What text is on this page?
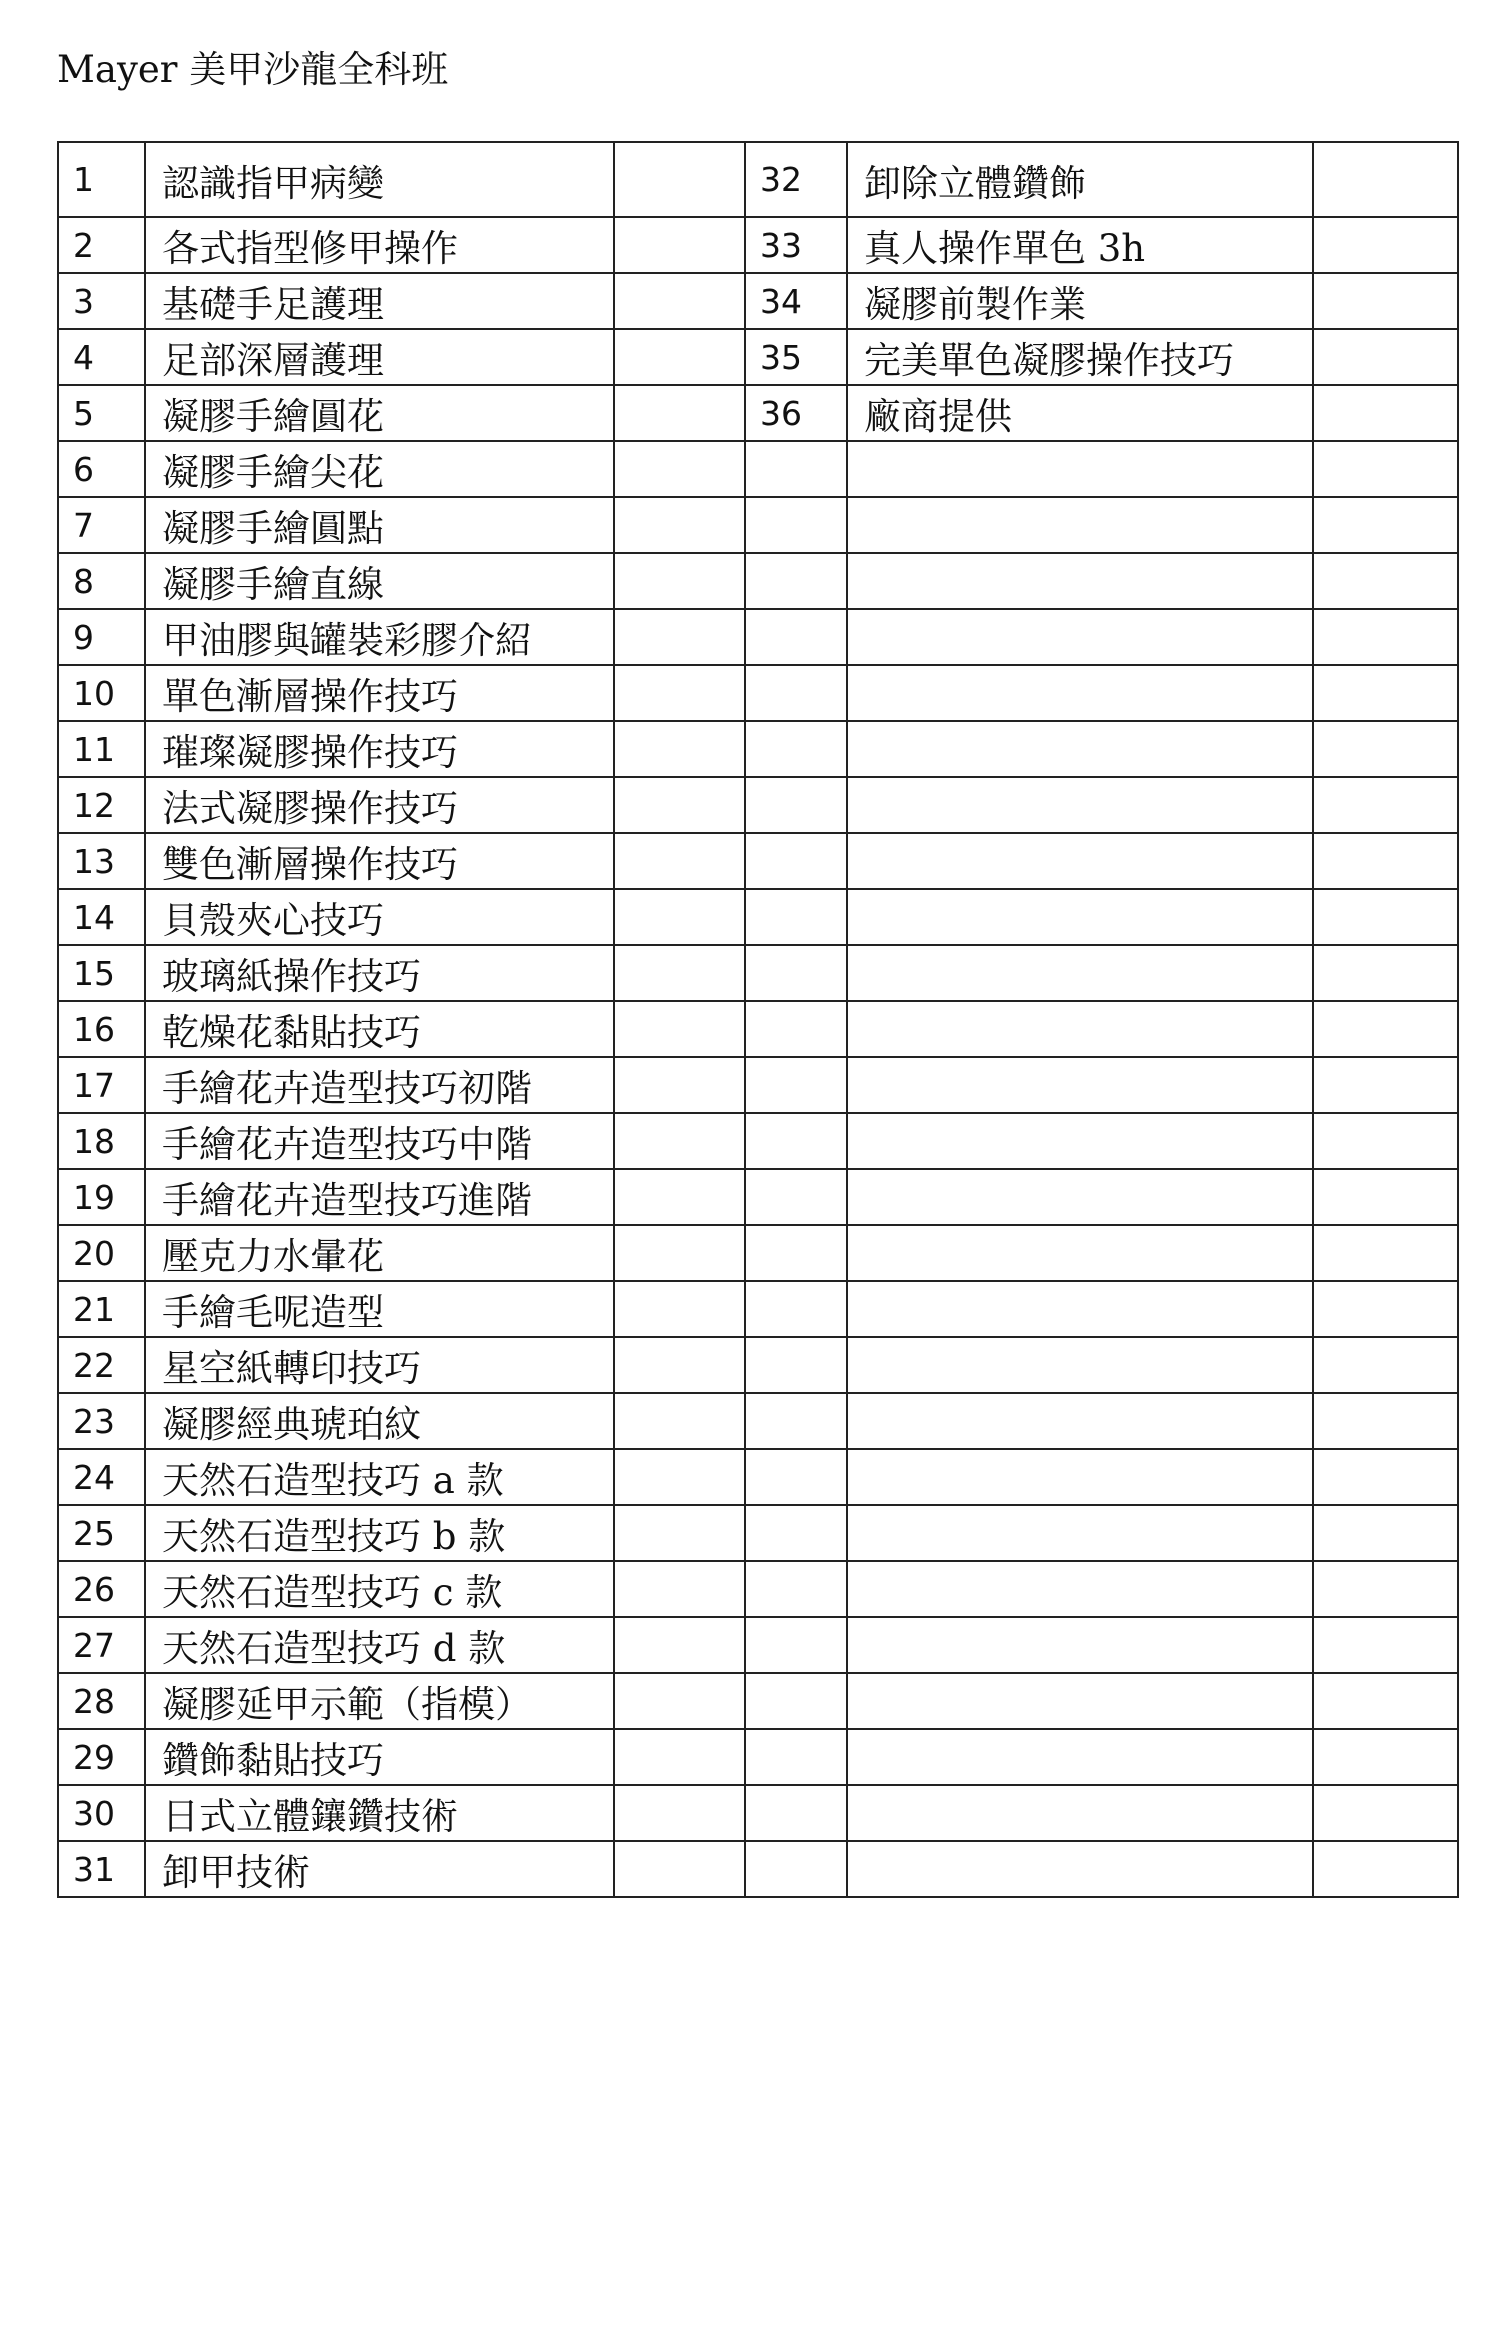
Mayer 美甲沙龍全科班
1	認識指甲病變		32	卸除立體鑽飾	
2	各式指型修甲操作		33	真人操作單色 3h	
3	基礎手足護理		34	凝膠前製作業	
4	足部深層護理		35	完美單色凝膠操作技巧	
5	凝膠手繪圓花		36	廠商提供	
6	凝膠手繪尖花				
7	凝膠手繪圓點				
8	凝膠手繪直線				
9	甲油膠與罐裝彩膠介紹				
10	單色漸層操作技巧				
11	璀璨凝膠操作技巧				
12	法式凝膠操作技巧				
13	雙色漸層操作技巧				
14	貝殼夾心技巧				
15	玻璃紙操作技巧				
16	乾燥花黏貼技巧				
17	手繪花卉造型技巧初階				
18	手繪花卉造型技巧中階				
19	手繪花卉造型技巧進階				
20	壓克力水暈花				
21	手繪毛呢造型				
22	星空紙轉印技巧				
23	凝膠經典琥珀紋				
24	天然石造型技巧 a 款				
25	天然石造型技巧 b 款				
26	天然石造型技巧 c 款				
27	天然石造型技巧 d 款				
28	凝膠延甲示範（指模）				
29	鑽飾黏貼技巧				
30	日式立體鑲鑽技術				
31	卸甲技術				
